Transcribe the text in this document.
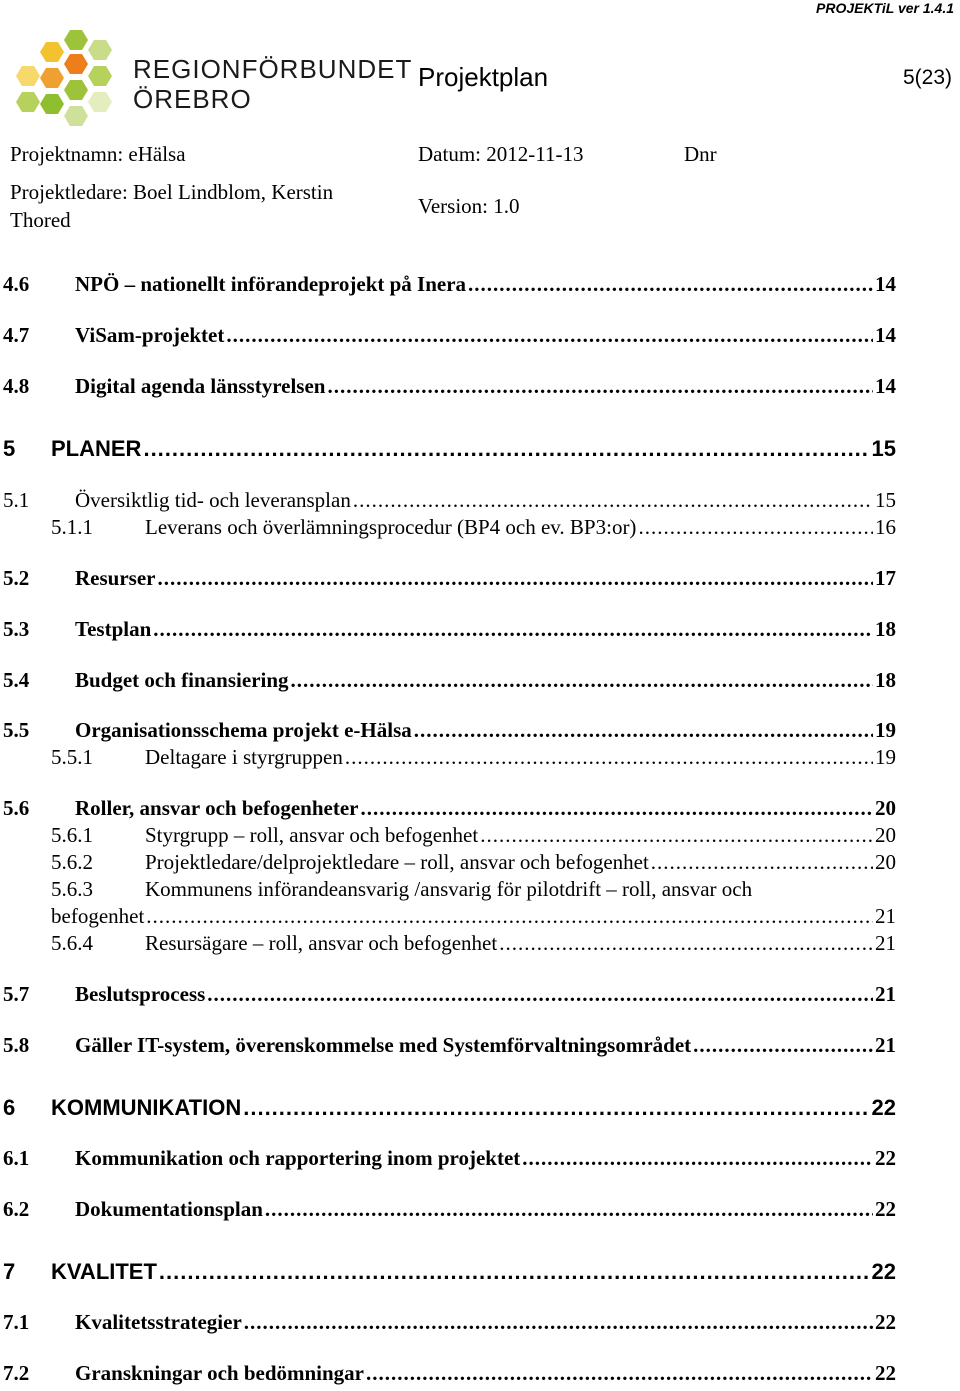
PROJEKTiL ver 1.4.1
REGIONFÖRBUNDET
ÖREBRO
Projektplan	5(23)
Projektnamn: eHälsa	Datum: 2012-11-13	Dnr
Projektledare: Boel Lindblom, Kerstin
Thored
Version: 1.0
4.6	NPÖ – nationellt införandeprojekt på Inera .....	14
4.7	ViSam-projektet .....	14
4.8	Digital agenda länsstyrelsen .....	14
5	PLANER .....	15
5.1	Översiktlig tid- och leveransplan .....	15
5.1.1	Leverans och överlämningsprocedur (BP4 och ev. BP3:or) .....	16
5.2	Resurser .....	17
5.3	Testplan .....	18
5.4	Budget och finansiering .....	18
5.5	Organisationsschema projekt e-Hälsa .....	19
5.5.1	Deltagare i styrgruppen .....	19
5.6	Roller, ansvar och befogenheter .....	20
5.6.1	Styrgrupp – roll, ansvar och befogenhet .....	20
5.6.2	Projektledare/delprojektledare – roll, ansvar och befogenhet .....	20
5.6.3	Kommunens införandeansvarig /ansvarig för pilotdrift – roll, ansvar och
befogenhet .....	21
5.6.4	Resursägare – roll, ansvar och befogenhet .....	21
5.7	Beslutsprocess .....	21
5.8	Gäller IT-system, överenskommelse med Systemförvaltningsområdet .....	21
6	KOMMUNIKATION .....	22
6.1	Kommunikation och rapportering inom projektet .....	22
6.2	Dokumentationsplan .....	22
7	KVALITET .....	22
7.1	Kvalitetsstrategier .....	22
7.2	Granskningar och bedömningar .....	22
